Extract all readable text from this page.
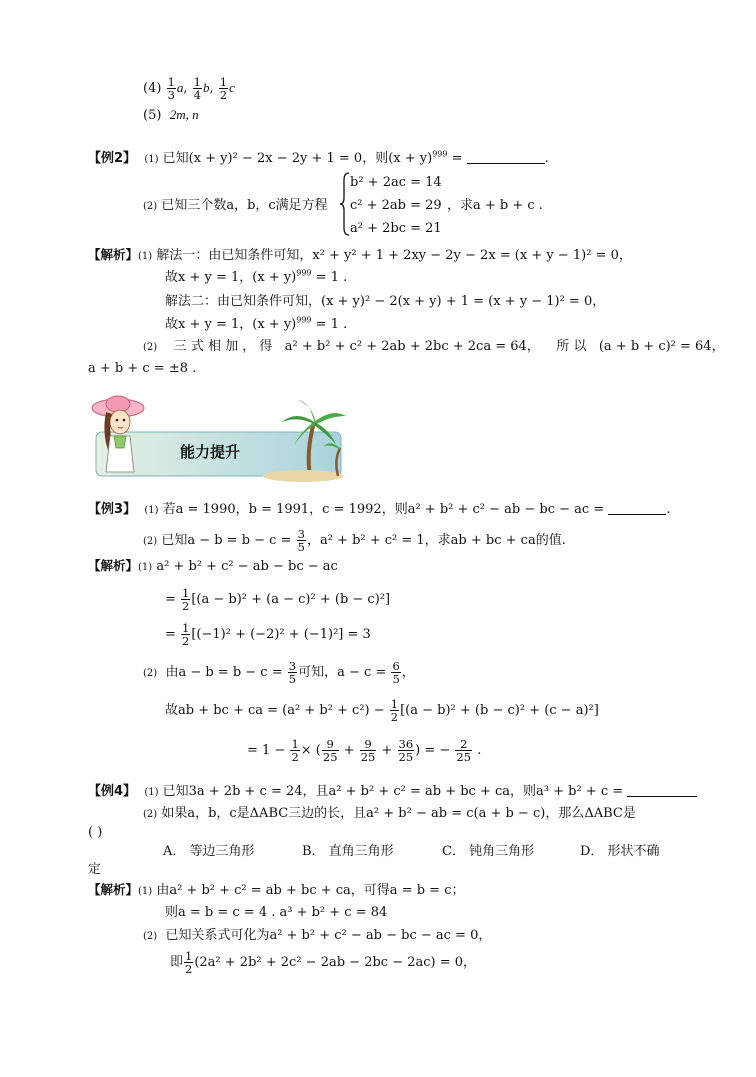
$(4) \frac{1}{3} a$, $\frac{1}{4} b$, $\frac{1}{2}$ c
(5) 2m, n
【例2】 (1) 已知(x + y)² − 2x − 2y + 1 = 0，则$(x + y)^{999}$ =	.
(2) 已知三个数a，b，c满足方程
b² + 2ac = 14
c² + 2ab = 29
a² + 2bc = 21
，求a + b + c .
【解析】(1) 解法一：由已知条件可知，x² + y² + 1 + 2xy − 2y − 2x = (x + y − 1)² = 0，
故x + y = 1，$(x + y)^{999} = 1$ .
解法二：由已知条件可知，(x + y)² − 2(x + y) + 1 = (x + y − 1)² = 0，
故x + y = 1，$(x + y)^{999} = 1$ .
(2) 三 式 相 加 ， 得 a² + b² + c² + 2ab + 2bc + 2ca = 64， 所 以 (a + b + c)² = 64，
a + b + c = ±8 .
能力提升
【例3】 (1) 若a = 1990，b = 1991，c = 1992，则a² + b² + c² − ab − bc − ac =	.
(2) 已知$a - b = b - c = \frac{3}{5}$ ，a² + b² + c² = 1，求ab + bc + ca的值.
【解析】(1) a² + b² + c² − ab − bc − ac
= $\frac{1}{2} [(a - b)^2 + (a - c)^2 + (b - c)^2]$
= $\frac{1}{2} [(-1)^2 + (-2)^2 + (-1)^2] = 3$
(2) 由$a - b = b - c = \frac{3}{5}$ 可知，$a - c = \frac{6}{5}$ ，
故ab + bc + ca = $(a^2 + b^2 + c^2) - \frac{1}{2} [(a - b)^2 + (b - c)^2 + (c - a)^2]$
= $1 - \frac{1}{2}$ × ( $\frac{9}{25} + \frac{9}{25} + \frac{36}{25}$ ) = − $\frac{2}{25}$ .
【例4】 (1) 已知3a + 2b + c = 24，且a² + b² + c² = ab + bc + ca，则a³ + b² + c =
(2) 如果a，b，c是ΔABC三边的长，且a² + b² − ab = c(a + b − c)，那么ΔABC是
( )
A． 等边三角形	B． 直角三角形	C． 钝角三角形	D． 形状不确
定
【解析】(1) 由a² + b² + c² = ab + bc + ca，可得a = b = c；
则a = b = c = 4 . a³ + b² + c = 84
(2) 已知关系式可化为a² + b² + c² − ab − bc − ac = 0，
即 $\frac{1}{2} (2a^2 + 2b^2 + 2c^2 - 2ab - 2bc - 2ac) = 0$，
